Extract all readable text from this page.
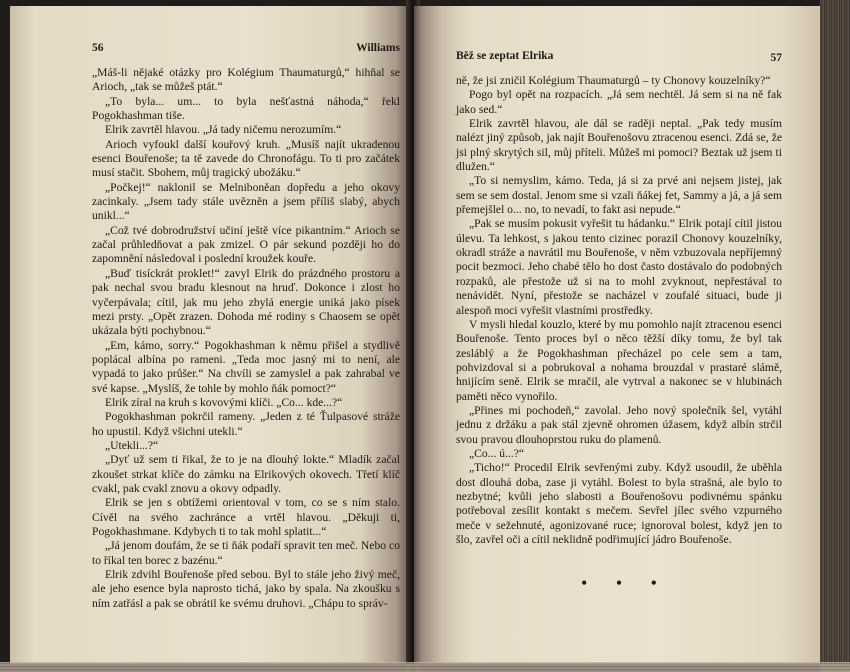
56	Williams

„Máš-li nějaké otázky pro Kolégium Thaumaturgů,“ hihňal se Arioch, „tak se můžeš ptát.“

„To byla... um... to byla nešťastná náhoda,“ řekl Pogokhashman tiše.

Elrik zavrtěl hlavou. „Já tady ničemu nerozumím.“

Arioch vyfoukl další kouřový kruh. „Musíš najít ukradenou esenci Bouřenoše; ta tě zavede do Chronofágu. To ti pro začátek musí stačit. Sbohem, můj tragický ubožáku.“

„Počkej!“ naklonil se Melniboněan dopředu a jeho okovy zacinkaly. „Jsem tady stále uvězněn a jsem příliš slabý, abych unikl...“

„Což tvé dobrodružství učiní ještě více pikantním.“ Arioch se začal průhledňovat a pak zmizel. O pár sekund později ho do zapomnění následoval i poslední kroužek kouře.

„Buď tisíckrát proklet!“ zavyl Elrik do prázdného prostoru a pak nechal svou bradu klesnout na hruď. Dokonce i zlost ho vyčerpávala; cítil, jak mu jeho zbylá energie uniká jako písek mezi prsty. „Opět zrazen. Dohoda mé rodiny s Chaosem se opět ukázala býti pochybnou.“

„Em, kámo, sorry.“ Pogokhashman k němu přišel a stydlivě poplácal albína po rameni. „Teda moc jasný mi to není, ale vypadá to jako průšer.“ Na chvíli se zamyslel a pak zahrabal ve své kapse. „Myslíš, že tohle by mohlo ňák pomoct?“

Elrik zíral na kruh s kovovými klíči. „Co... kde...?“

Pogokhashman pokrčil rameny. „Jeden z té Ťulpasové stráže ho upustil. Když všichni utekli.“

„Utekli...?“

„Dyť už sem ti řikal, že to je na dlouhý lokte.“ Mladík začal zkoušet strkat klíče do zámku na Elrikových okovech. Třetí klíč cvakl, pak cvakl znovu a okovy odpadly.

Elrik se jen s obtížemi orientoval v tom, co se s ním stalo. Cívěl na svého zachránce a vrtěl hlavou. „Děkuji ti, Pogokhashmane. Kdybych ti to tak mohl splatit...“

„Já jenom doufám, že se ti ňák podaří spravit ten meč. Nebo co to říkal ten borec z bazénu.“

Elrik zdvihl Bouřenoše před sebou. Byl to stále jeho živý meč, ale jeho esence byla naprosto tichá, jako by spala. Na zkoušku s ním zatřásl a pak se obrátil ke svému druhovi. „Chápu to správ-

Běž se zeptat Elrika	57

ně, že jsi zničil Kolégium Thaumaturgů – ty Chonovy kouzelníky?“

Pogo byl opět na rozpacích. „Já sem nechtěl. Já sem si na ně fak jako sed.“

Elrik zavrtěl hlavou, ale dál se raději neptal. „Pak tedy musím nalézt jiný způsob, jak najít Bouřenošovu ztracenou esenci. Zdá se, že jsi plný skrytých sil, můj příteli. Můžeš mi pomoci? Beztak už jsem ti dlužen.“

„To si nemyslim, kámo. Teda, já si za prvé ani nejsem jistej, jak sem se sem dostal. Jenom sme si vzali ňákej fet, Sammy a já, a já sem přemejšlel o... no, to nevadí, to fakt asi nepude.“

„Pak se musím pokusit vyřešit tu hádanku.“ Elrik potají cítil jistou úlevu. Ta lehkost, s jakou tento cizinec porazil Chonovy kouzelníky, okradl stráže a navrátil mu Bouřenoše, v něm vzbuzovala nepříjemný pocit bezmoci. Jeho chabé tělo ho dost často dostávalo do podobných rozpaků, ale přestože už si na to mohl zvyknout, nepřestával to nenávidět. Nyní, přestože se nacházel v zoufalé situaci, bude ji alespoň moci vyřešit vlastními prostředky.

V mysli hledal kouzlo, které by mu pomohlo najít ztracenou esenci Bouřenoše. Tento proces byl o něco těžší díky tomu, že byl tak zesláblý a že Pogokhashman přecházel po cele sem a tam, pohvizdoval si a pobrukoval a nohama brouzdal v prastaré slámě, hnijícím seně. Elrik se mračil, ale vytrval a nakonec se v hlubinách paměti něco vynořilo.

„Přines mi pochodeň,“ zavolal. Jeho nový společník šel, vytáhl jednu z držáku a pak stál zjevně ohromen úžasem, když albín strčil svou pravou dlouhoprstou ruku do plamenů.

„Co... ú...?“

„Ticho!“ Procedil Elrik sevřenými zuby. Když usoudil, že uběhla dost dlouhá doba, zase ji vytáhl. Bolest to byla strašná, ale bylo to nezbytné; kvůli jeho slabosti a Bouřenošovu podivnému spánku potřeboval zesílit kontakt s mečem. Sevřel jílec svého vzpurného meče v sežehnuté, agonizované ruce; ignoroval bolest, když jen to šlo, zavřel oči a cítil neklidně podřimující jádro Bouřenoše.

• • •
